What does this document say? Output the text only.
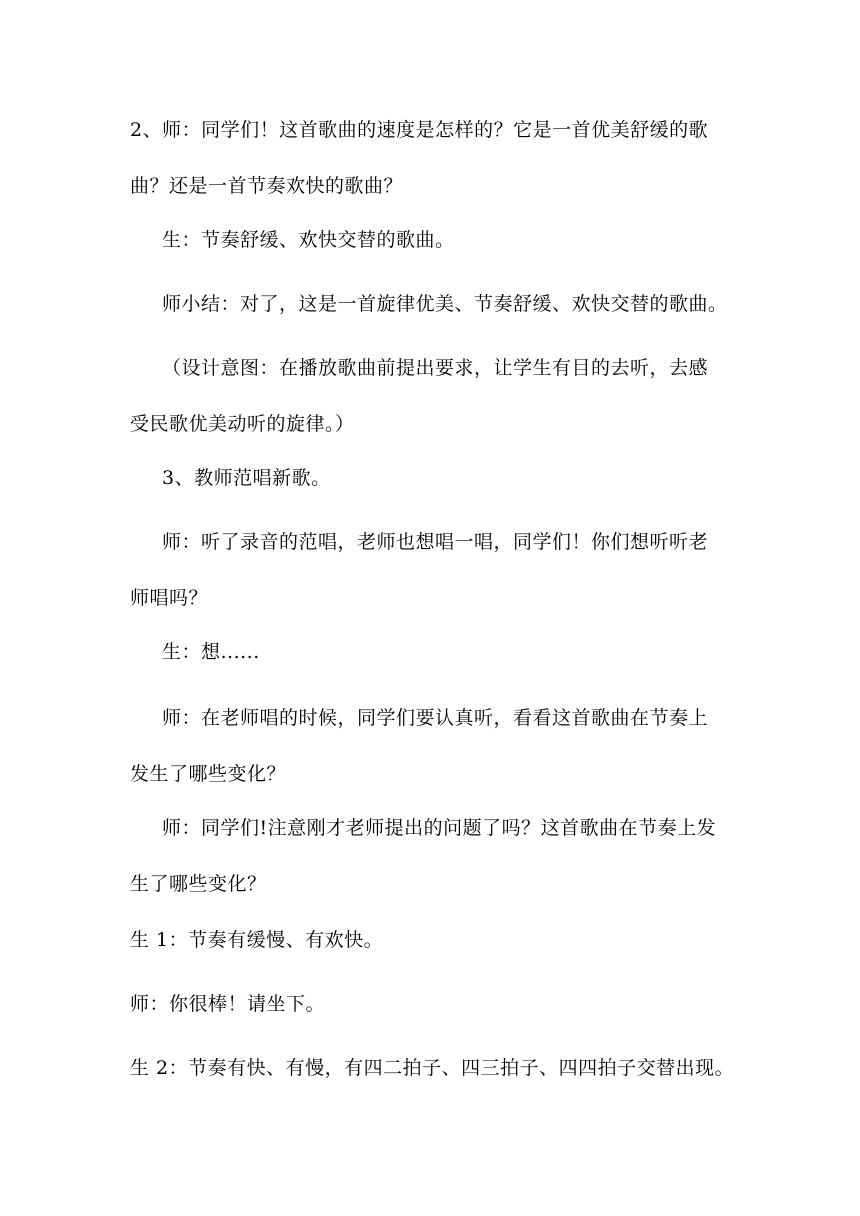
2、师：同学们！这首歌曲的速度是怎样的？它是一首优美舒缓的歌
曲？还是一首节奏欢快的歌曲？

生：节奏舒缓、欢快交替的歌曲。

师小结：对了，这是一首旋律优美、节奏舒缓、欢快交替的歌曲。

（设计意图：在播放歌曲前提出要求，让学生有目的去听，去感
受民歌优美动听的旋律。）

3、教师范唱新歌。

师：听了录音的范唱，老师也想唱一唱，同学们！你们想听听老
师唱吗？

生：想......

师：在老师唱的时候，同学们要认真听，看看这首歌曲在节奏上
发生了哪些变化？

师：同学们!注意刚才老师提出的问题了吗？这首歌曲在节奏上发
生了哪些变化？

生 1：节奏有缓慢、有欢快。

师：你很棒！请坐下。

生 2：节奏有快、有慢，有四二拍子、四三拍子、四四拍子交替出现。
